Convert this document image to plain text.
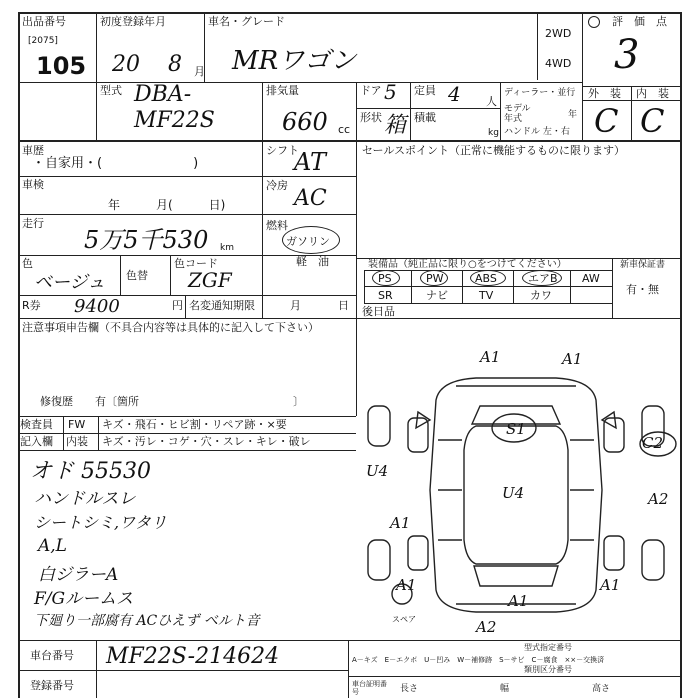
出品番号
[2075]
105
初度登録年月
20 8 月
車名・グレード
MRワゴン
2WD
4WD
評　価　点
3
外　装 内　装
C C
型式 DBA-
MF22S
排気量
660 cc
ドア 5 定員 4 人
形状 箱 積載
kg
ディーラー・並行
モデル年式	年
ハンドル 左・右
車歴
・自家用・(　　　　　　　)
車検
年　　　月(　　　日)
走行
5万5千530 km
色
ベージュ 色替
色コード
ZGF
R券 9400	円 名変通知期限	月	日
シフト
AT
冷房
AC
燃料
ガソリン
軽　油
セールスポイント（正常に機能するものに限ります）
装備品（純正品に限り○をつけてください）	新車保証書
有・無
PS	PW	ABS	エアB AW
SR	ナビ	TV	カワ
後日品
注意事項申告欄（不具合内容等は具体的に記入して下さい）
修復歴　　有〔箇所　　　　　　　　　　　　　　〕
検査員
記入欄
FW キズ・飛石・ヒビ割・リペア跡・×要
内装 キズ・汚レ・コゲ・穴・スレ・キレ・破レ
オド 55530
ハンドルスレ
シートシミ,ワタリ
A,L
白ジラーA
F/Gルームス
下廻り一部腐有 ACひえず ベルト音
A1	A1
S1
C2
A2
U4
A1
U4
A1
A1
A1
A2
スペア
A－キズ　E－エクボ　U－凹み　W－補修跡　S－サビ　C－腐食　××－交換済
型式指定番号
類別区分番号
長さ	幅	高さ
車台証明番号
車台番号 MF22S-214624
登録番号
